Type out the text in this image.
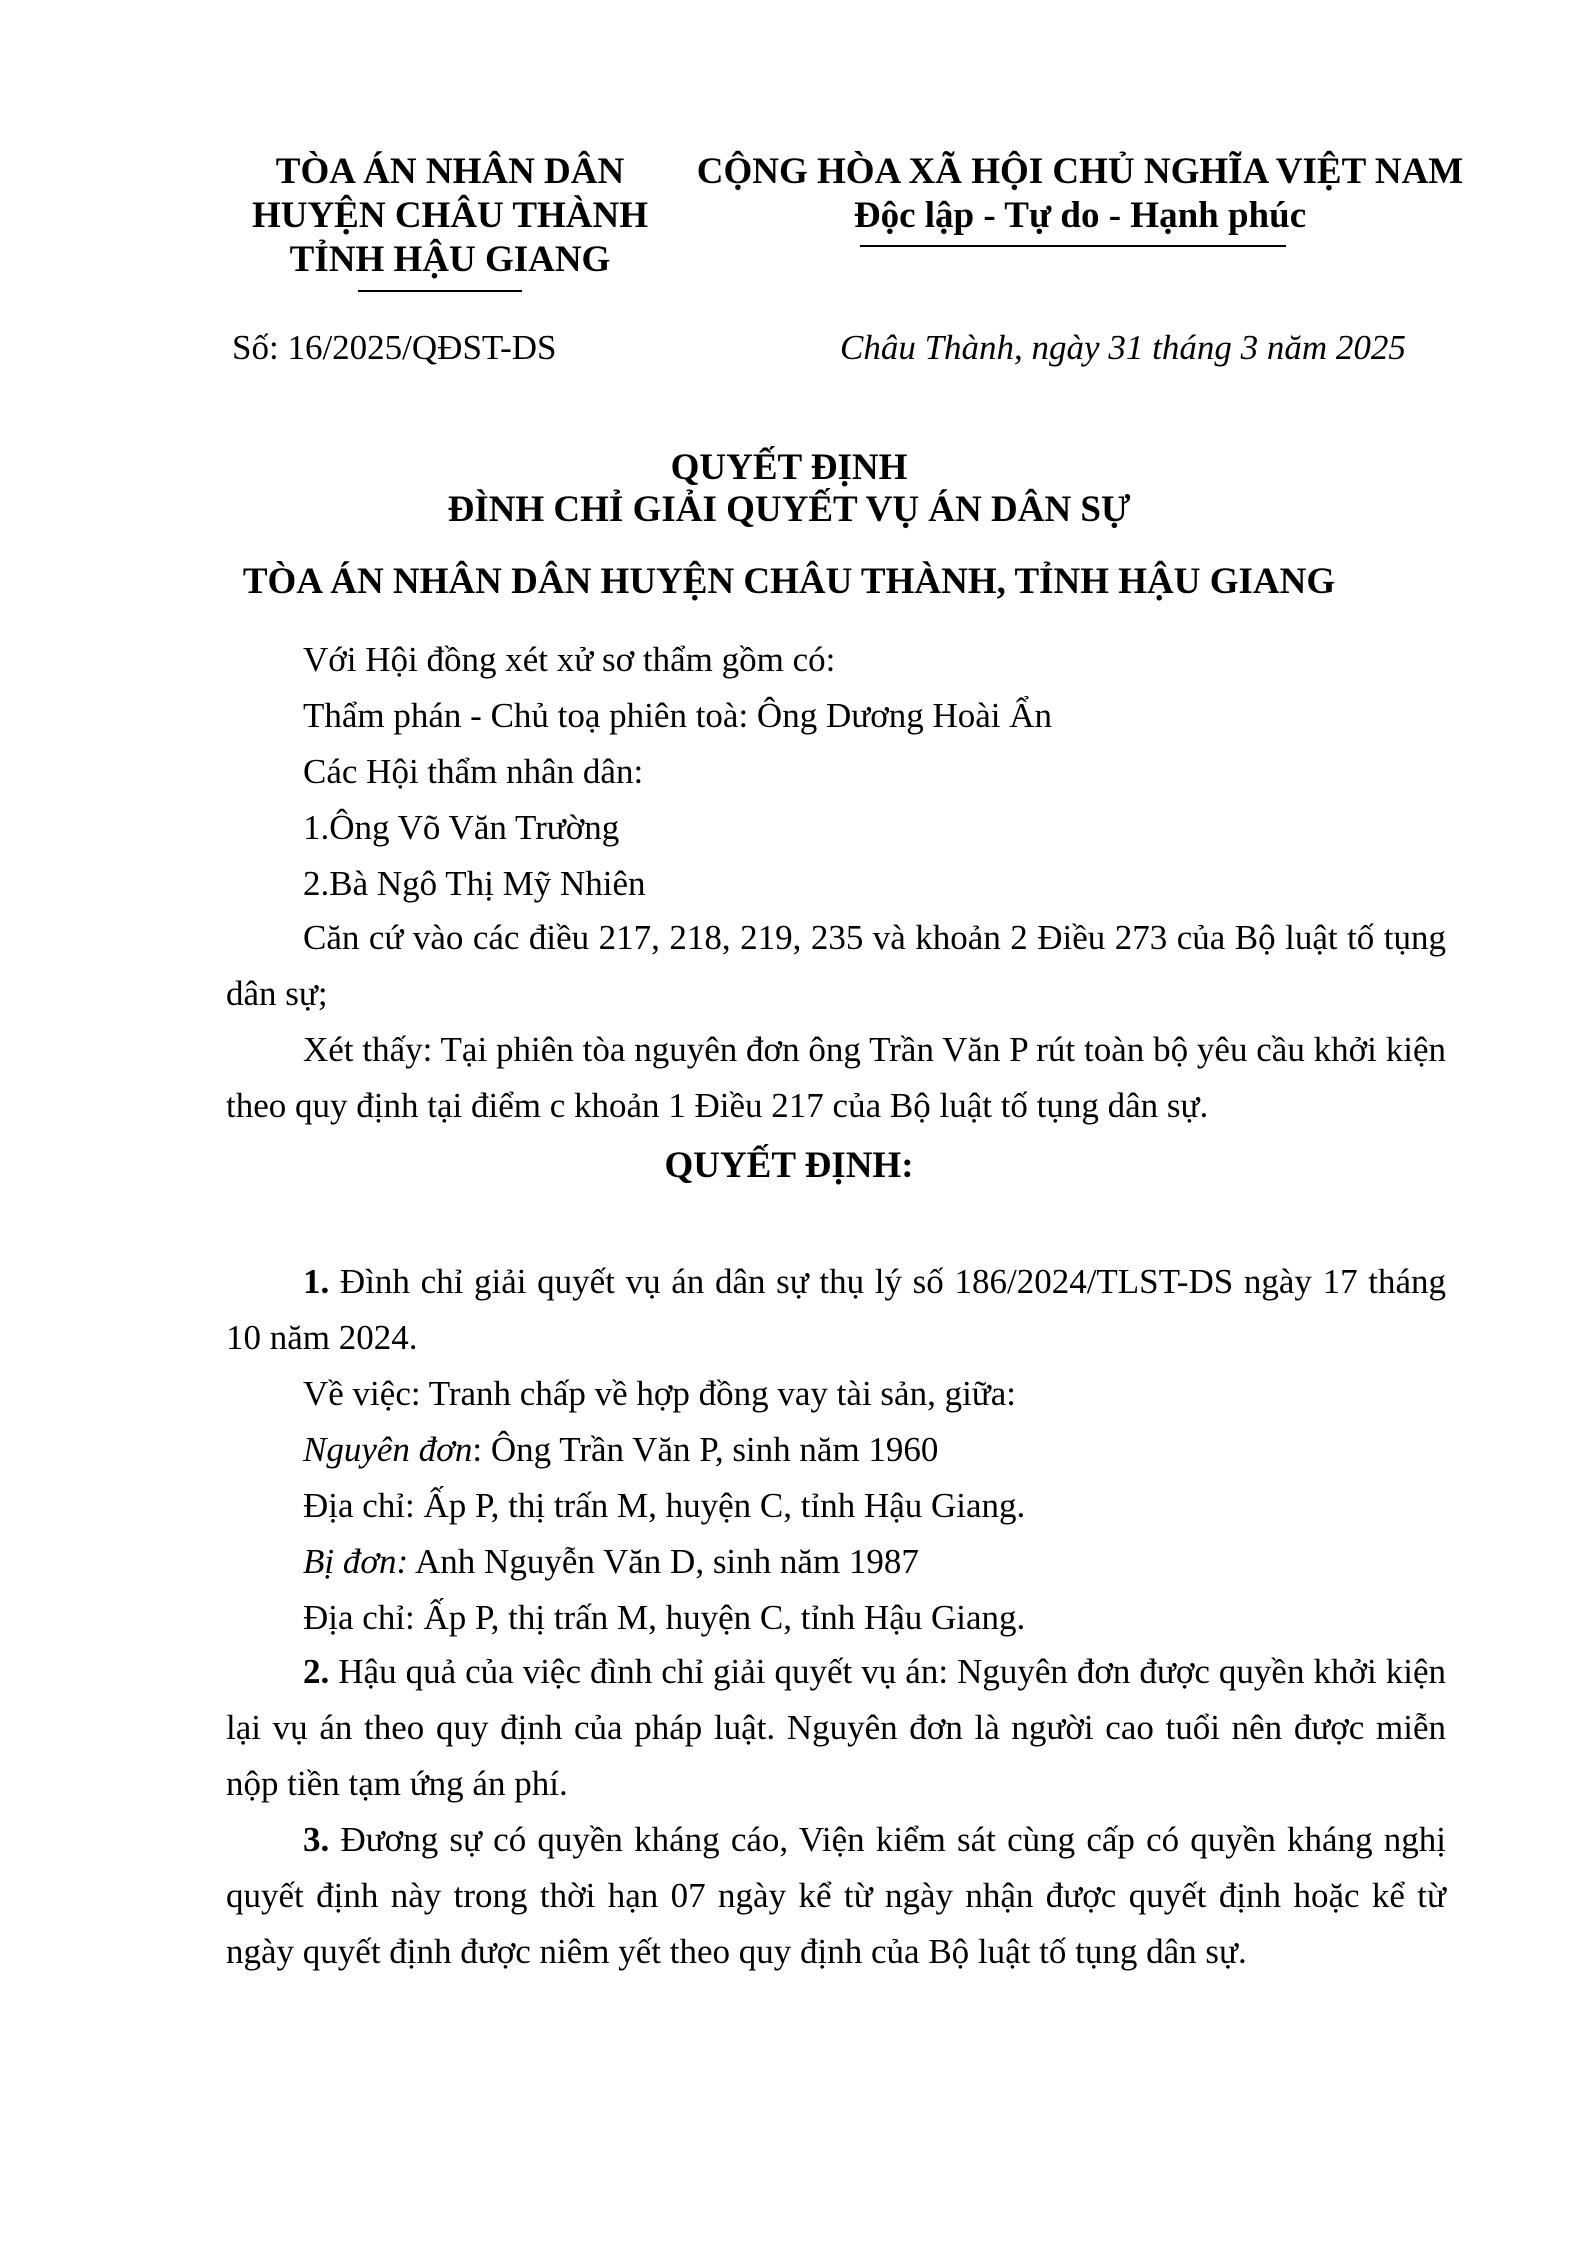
TÒA ÁN NHÂN DÂN
HUYỆN CHÂU THÀNH
TỈNH HẬU GIANG
CỘNG HÒA XÃ HỘI CHỦ NGHĨA VIỆT NAM
Độc lập - Tự do - Hạnh phúc
Số: 16/2025/QĐST-DS	Châu Thành, ngày 31 tháng 3 năm 2025
QUYẾT ĐỊNH
ĐÌNH CHỈ GIẢI QUYẾT VỤ ÁN DÂN SỰ
TÒA ÁN NHÂN DÂN HUYỆN CHÂU THÀNH, TỈNH HẬU GIANG
Với Hội đồng xét xử sơ thẩm gồm có:
Thẩm phán - Chủ toạ phiên toà: Ông Dương Hoài Ẩn
Các Hội thẩm nhân dân:
1.Ông Võ Văn Trường
2.Bà Ngô Thị Mỹ Nhiên
Căn cứ vào các điều 217, 218, 219, 235 và khoản 2 Điều 273 của Bộ luật tố tụng dân sự;
Xét thấy: Tại phiên tòa nguyên đơn ông Trần Văn P rút toàn bộ yêu cầu khởi kiện theo quy định tại điểm c khoản 1 Điều 217 của Bộ luật tố tụng dân sự.
QUYẾT ĐỊNH:
1. Đình chỉ giải quyết vụ án dân sự thụ lý số 186/2024/TLST-DS ngày 17 tháng 10 năm 2024.
Về việc: Tranh chấp về hợp đồng vay tài sản, giữa:
Nguyên đơn: Ông Trần Văn P, sinh năm 1960
Địa chỉ: Ấp P, thị trấn M, huyện C, tỉnh Hậu Giang.
Bị đơn: Anh Nguyễn Văn D, sinh năm 1987
Địa chỉ: Ấp P, thị trấn M, huyện C, tỉnh Hậu Giang.
2. Hậu quả của việc đình chỉ giải quyết vụ án: Nguyên đơn được quyền khởi kiện lại vụ án theo quy định của pháp luật. Nguyên đơn là người cao tuổi nên được miễn nộp tiền tạm ứng án phí.
3. Đương sự có quyền kháng cáo, Viện kiểm sát cùng cấp có quyền kháng nghị quyết định này trong thời hạn 07 ngày kể từ ngày nhận được quyết định hoặc kể từ ngày quyết định được niêm yết theo quy định của Bộ luật tố tụng dân sự.
